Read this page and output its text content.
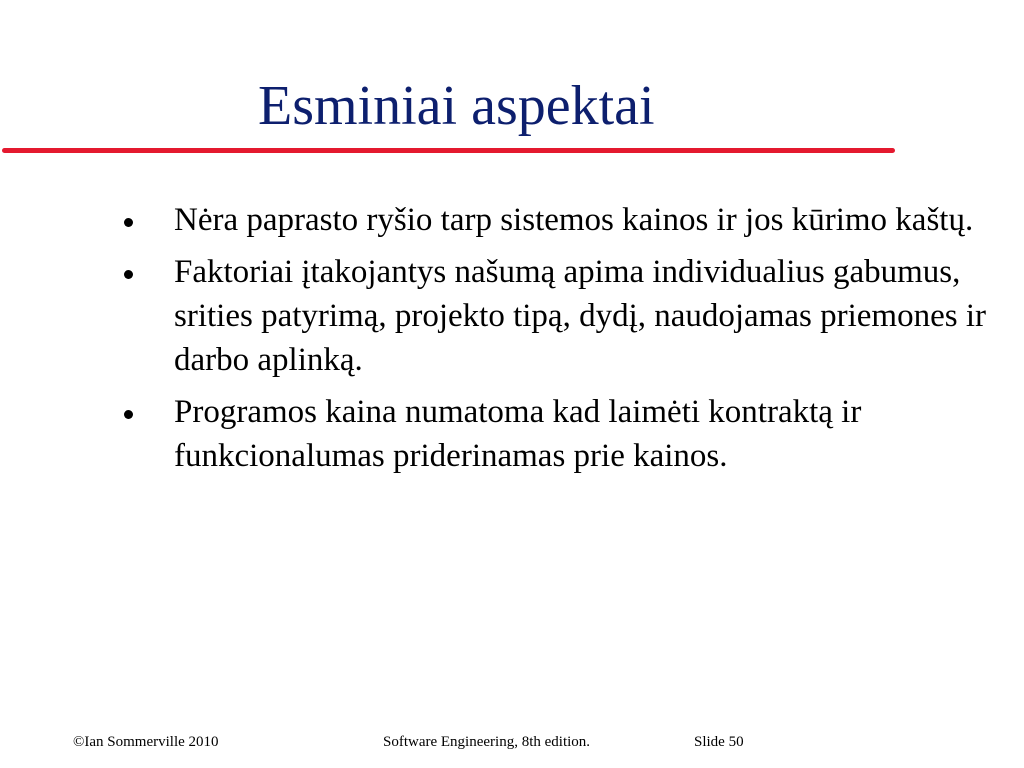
Esminiai aspektai
Nėra paprasto ryšio tarp sistemos kainos ir jos kūrimo kaštų.
Faktoriai įtakojantys našumą apima individualius gabumus, srities patyrimą, projekto tipą, dydį, naudojamas priemones ir darbo aplinką.
Programos kaina numatoma kad laimėti kontraktą ir funkcionalumas priderinamas prie kainos.
©Ian Sommerville 2010	Software Engineering, 8th edition.	Slide 50
